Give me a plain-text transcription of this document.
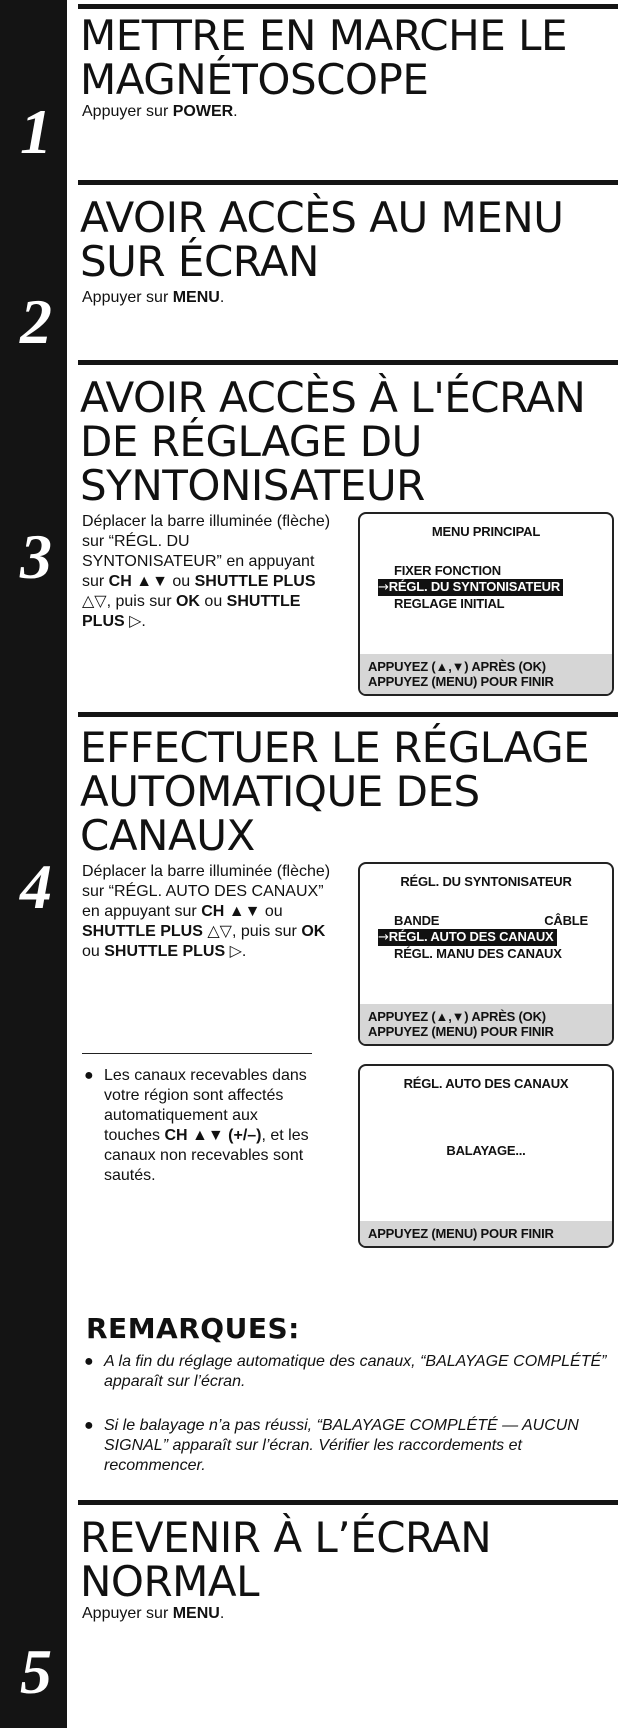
1
2
3
4
5
METTRE EN MARCHE LE
MAGNÉTOSCOPE
Appuyer sur POWER.
AVOIR ACCÈS AU MENU
SUR ÉCRAN
Appuyer sur MENU.
AVOIR ACCÈS À L'ÉCRAN
DE RÉGLAGE DU
SYNTONISATEUR
Déplacer la barre illuminée (flèche) sur “RÉGL. DU SYNTONISATEUR” en appuyant sur CH ▲▼ ou SHUTTLE PLUS △▽, puis sur OK ou SHUTTLE PLUS ▷.
MENU PRINCIPAL
FIXER FONCTION
→RÉGL. DU SYNTONISATEUR
REGLAGE INITIAL
APPUYEZ (▲,▼) APRÈS (OK)
APPUYEZ (MENU) POUR FINIR
EFFECTUER LE RÉGLAGE
AUTOMATIQUE DES
CANAUX
Déplacer la barre illuminée (flèche) sur “RÉGL. AUTO DES CANAUX” en appuyant sur CH ▲▼ ou SHUTTLE PLUS △▽, puis sur OK ou SHUTTLE PLUS ▷.
RÉGL. DU SYNTONISATEUR
BANDE	CÂBLE
→RÉGL. AUTO DES CANAUX
RÉGL. MANU DES CANAUX
APPUYEZ (▲,▼) APRÈS (OK)
APPUYEZ (MENU) POUR FINIR
● Les canaux recevables dans votre région sont affectés automatiquement aux touches CH ▲▼ (+/–), et les canaux non recevables sont sautés.
RÉGL. AUTO DES CANAUX
BALAYAGE...
APPUYEZ (MENU) POUR FINIR
REMARQUES:
● A la fin du réglage automatique des canaux, “BALAYAGE COMPLÉTÉ” apparaît sur l’écran.
● Si le balayage n’a pas réussi, “BALAYAGE COMPLÉTÉ — AUCUN SIGNAL” apparaît sur l’écran. Vérifier les raccordements et recommencer.
REVENIR À L’ÉCRAN
NORMAL
Appuyer sur MENU.
